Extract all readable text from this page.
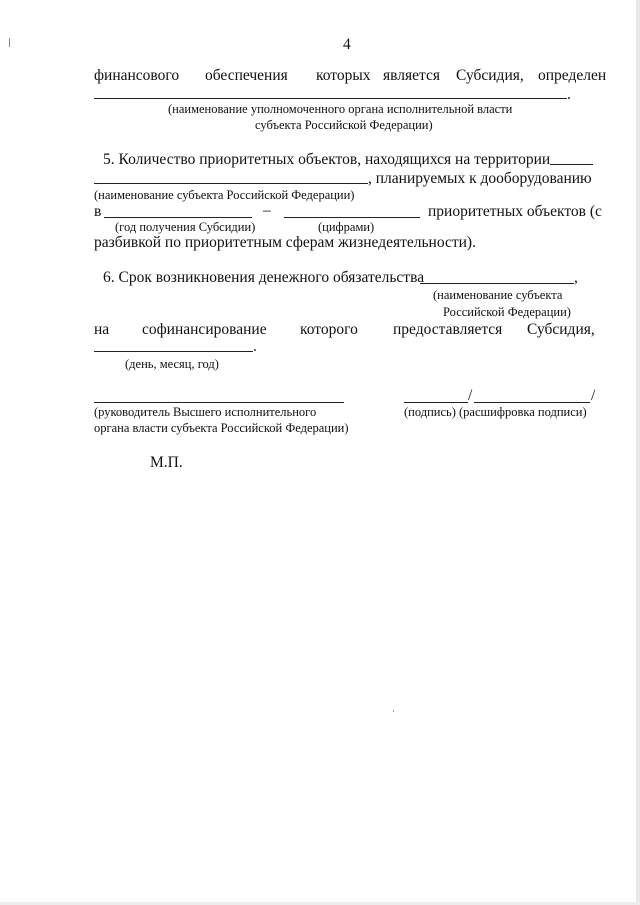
4
финансового обеспечения которых является Субсидия, определен
.
(наименование уполномоченного органа исполнительной власти
субъекта Российской Федерации)
5. Количество приоритетных объектов, находящихся на территории
, планируемых к дооборудованию
(наименование субъекта Российской Федерации)
в	–	приоритетных объектов (с
(год получения Субсидии)	(цифрами)
разбивкой по приоритетным сферам жизнедеятельности).
6. Срок возникновения денежного обязательства	,
(наименование субъекта
Российской Федерации)
на софинансирование которого предоставляется Субсидия,
.
(день, месяц, год)
/	/
(руководитель Высшего исполнительного
органа власти субъекта Российской Федерации)
(подпись) (расшифровка подписи)
М.П.
